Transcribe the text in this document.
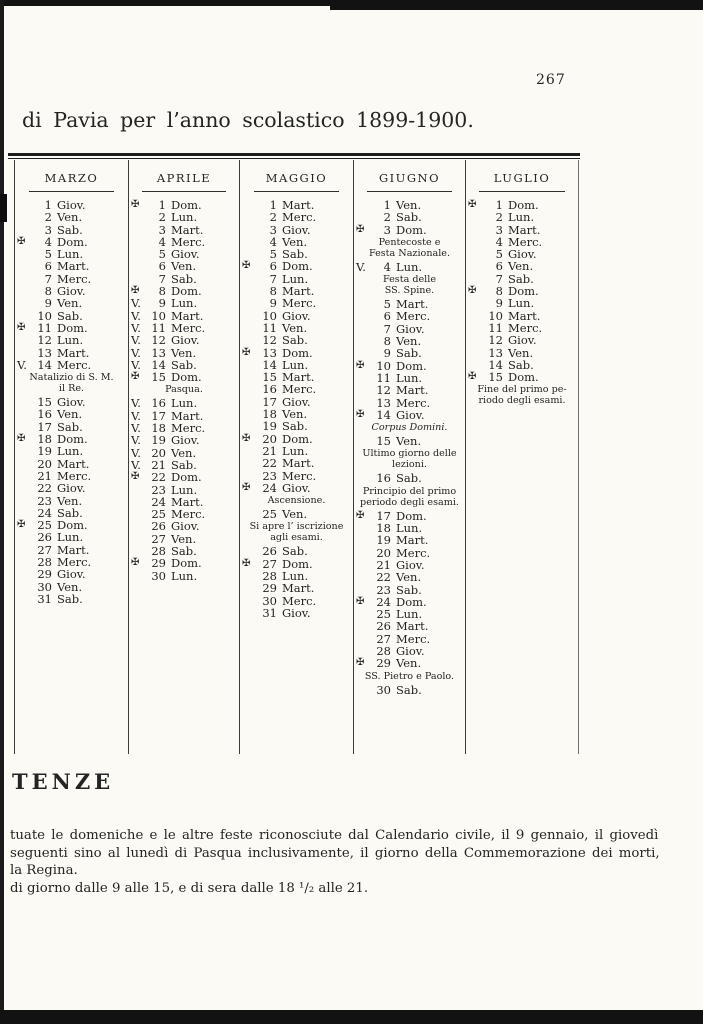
267
di Pavia per l’anno scolastico 1899-1900.
MARZO
1 Giov.
2 Ven.
3 Sab.
✠	4 Dom.
5 Lun.
6 Mart.
7 Merc.
8 Giov.
9 Ven.
10 Sab.
✠	11 Dom.
12 Lun.
13 Mart.
V. 14 Merc.
Natalizio di S. M.
il Re.
15 Giov.
16 Ven.
17 Sab.
✠	18 Dom.
19 Lun.
20 Mart.
21 Merc.
22 Giov.
23 Ven.
24 Sab.
✠	25 Dom.
26 Lun.
27 Mart.
28 Merc.
29 Giov.
30 Ven.
31 Sab.
APRILE
✠	1 Dom.
2 Lun.
3 Mart.
4 Merc.
5 Giov.
6 Ven.
7 Sab.
✠	8 Dom.
V.	9 Lun.
V. 10 Mart.
V. 11 Merc.
V. 12 Giov.
V. 13 Ven.
V. 14 Sab.
✠	15 Dom.
Pasqua.
V. 16 Lun.
V. 17 Mart.
V. 18 Merc.
V. 19 Giov.
V. 20 Ven.
V. 21 Sab.
✠	22 Dom.
23 Lun.
24 Mart.
25 Merc.
26 Giov.
27 Ven.
28 Sab.
✠	29 Dom.
30 Lun.
MAGGIO
1 Mart.
2 Merc.
3 Giov.
4 Ven.
5 Sab.
✠	6 Dom.
7 Lun.
8 Mart.
9 Merc.
10 Giov.
11 Ven.
12 Sab.
✠	13 Dom.
14 Lun.
15 Mart.
16 Merc.
17 Giov.
18 Ven.
19 Sab.
✠	20 Dom.
21 Lun.
22 Mart.
23 Merc.
✠	24 Giov.
Ascensione.
25 Ven.
Si apre l’ iscrizione
agli esami.
26 Sab.
✠	27 Dom.
28 Lun.
29 Mart.
30 Merc.
31 Giov.
GIUGNO
1 Ven.
2 Sab.
✠	3 Dom.
Pentecoste e
Festa Nazionale.
V.	4 Lun.
Festa delle
SS. Spine.
5 Mart.
6 Merc.
7 Giov.
8 Ven.
9 Sab.
✠	10 Dom.
11 Lun.
12 Mart.
13 Merc.
✠	14 Giov.
Corpus Domini.
15 Ven.
Ultimo giorno delle
lezioni.
16 Sab.
Principio del primo
periodo degli esami.
✠	17 Dom.
18 Lun.
19 Mart.
20 Merc.
21 Giov.
22 Ven.
23 Sab.
✠	24 Dom.
25 Lun.
26 Mart.
27 Merc.
28 Giov.
✠	29 Ven.
SS. Pietro e Paolo.
30 Sab.
LUGLIO
✠	1 Dom.
2 Lun.
3 Mart.
4 Merc.
5 Giov.
6 Ven.
7 Sab.
✠	8 Dom.
9 Lun.
10 Mart.
11 Merc.
12 Giov.
13 Ven.
14 Sab.
✠	15 Dom.
Fine del primo pe-
riodo degli esami.
TENZE
tuate le domeniche e le altre feste riconosciute dal Calendario civile, il 9 gennaio, il giovedì
seguenti sino al lunedì di Pasqua inclusivamente, il giorno della Commemorazione dei morti,
la Regina.
di giorno dalle 9 alle 15, e di sera dalle 18 ¹/₂ alle 21.
